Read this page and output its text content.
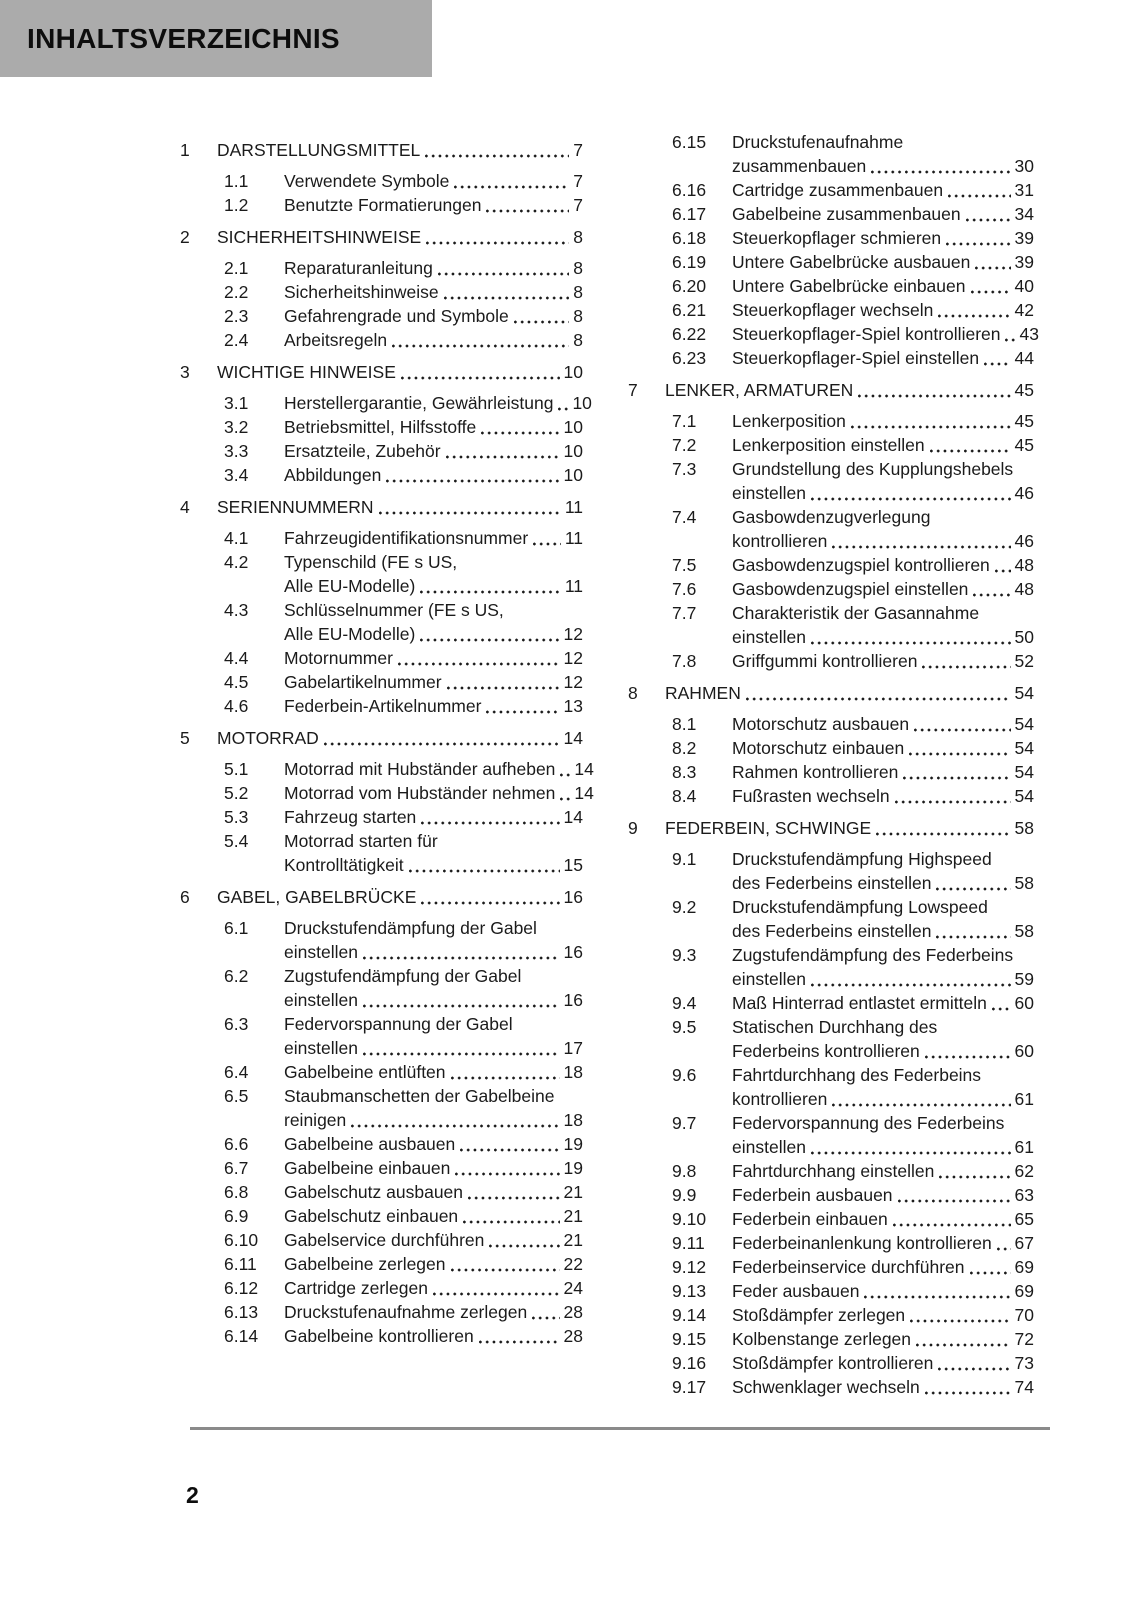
INHALTSVERZEICHNIS
1	DARSTELLUNGSMITTEL	7
1.1	Verwendete Symbole	7
1.2	Benutzte Formatierungen	7
2	SICHERHEITSHINWEISE	8
2.1	Reparaturanleitung	8
2.2	Sicherheitshinweise	8
2.3	Gefahrengrade und Symbole	8
2.4	Arbeitsregeln	8
3	WICHTIGE HINWEISE	10
3.1	Herstellergarantie, Gewährleistung 10
3.2	Betriebsmittel, Hilfsstoffe	10
3.3	Ersatzteile, Zubehör	10
3.4	Abbildungen	10
4	SERIENNUMMERN	11
4.1	Fahrzeugidentifikationsnummer 11
4.2	Typenschild (FE s US,
Alle EU-Modelle)	11
4.3	Schlüsselnummer (FE s US,
Alle EU-Modelle)	12
4.4	Motornummer	12
4.5	Gabelartikelnummer	12
4.6	Federbein-Artikelnummer	13
5	MOTORRAD	14
5.1	Motorrad mit Hubständer aufheben 14
5.2	Motorrad vom Hubständer nehmen 14
5.3	Fahrzeug starten	14
5.4	Motorrad starten für
Kontrolltätigkeit	15
6	GABEL, GABELBRÜCKE	16
6.1	Druckstufendämpfung der Gabel
einstellen	16
6.2	Zugstufendämpfung der Gabel
einstellen	16
6.3	Federvorspannung der Gabel
einstellen	17
6.4	Gabelbeine entlüften	18
6.5	Staubmanschetten der Gabelbeine
reinigen	18
6.6	Gabelbeine ausbauen	19
6.7	Gabelbeine einbauen	19
6.8	Gabelschutz ausbauen	21
6.9	Gabelschutz einbauen	21
6.10	Gabelservice durchführen	21
6.11	Gabelbeine zerlegen	22
6.12	Cartridge zerlegen	24
6.13	Druckstufenaufnahme zerlegen 28
6.14	Gabelbeine kontrollieren	28
6.15	Druckstufenaufnahme
zusammenbauen	30
6.16	Cartridge zusammenbauen	31
6.17	Gabelbeine zusammenbauen	34
6.18	Steuerkopflager schmieren	39
6.19	Untere Gabelbrücke ausbauen	39
6.20	Untere Gabelbrücke einbauen	40
6.21	Steuerkopflager wechseln	42
6.22	Steuerkopflager-Spiel kontrollieren 43
6.23	Steuerkopflager-Spiel einstellen 44
7	LENKER, ARMATUREN	45
7.1	Lenkerposition	45
7.2	Lenkerposition einstellen	45
7.3	Grundstellung des Kupplungshebels
einstellen	46
7.4	Gasbowdenzugverlegung
kontrollieren	46
7.5	Gasbowdenzugspiel kontrollieren 48
7.6	Gasbowdenzugspiel einstellen	48
7.7	Charakteristik der Gasannahme
einstellen	50
7.8	Griffgummi kontrollieren	52
8	RAHMEN	54
8.1	Motorschutz ausbauen	54
8.2	Motorschutz einbauen	54
8.3	Rahmen kontrollieren	54
8.4	Fußrasten wechseln	54
9	FEDERBEIN, SCHWINGE	58
9.1	Druckstufendämpfung Highspeed
des Federbeins einstellen	58
9.2	Druckstufendämpfung Lowspeed
des Federbeins einstellen	58
9.3	Zugstufendämpfung des Federbeins
einstellen	59
9.4	Maß Hinterrad entlastet ermitteln 60
9.5	Statischen Durchhang des
Federbeins kontrollieren	60
9.6	Fahrtdurchhang des Federbeins
kontrollieren	61
9.7	Federvorspannung des Federbeins
einstellen	61
9.8	Fahrtdurchhang einstellen	62
9.9	Federbein ausbauen	63
9.10	Federbein einbauen	65
9.11	Federbeinanlenkung kontrollieren 67
9.12	Federbeinservice durchführen	69
9.13	Feder ausbauen	69
9.14	Stoßdämpfer zerlegen	70
9.15	Kolbenstange zerlegen	72
9.16	Stoßdämpfer kontrollieren	73
9.17	Schwenklager wechseln	74
2
